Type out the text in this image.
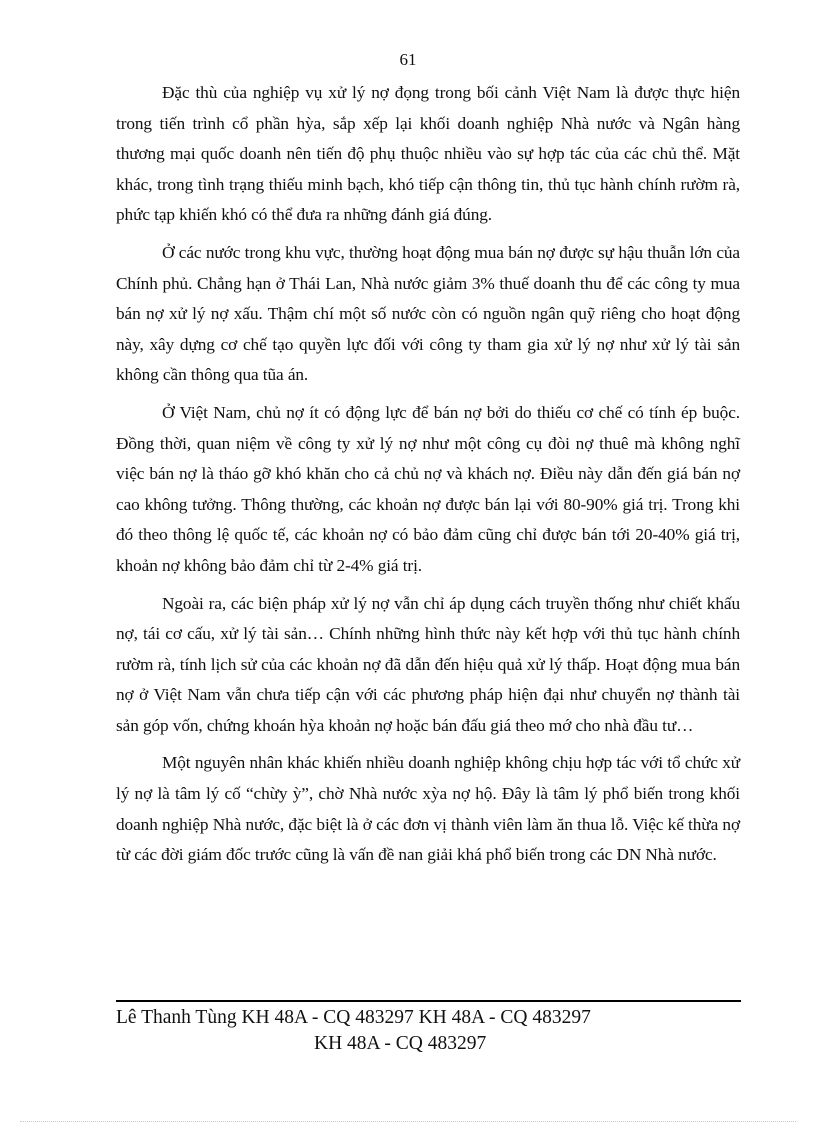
61

Đặc thù của nghiệp vụ xử lý nợ đọng trong bối cảnh Việt Nam là được thực hiện trong tiến trình cổ phần hỳa, sắp xếp lại khối doanh nghiệp Nhà nước và Ngân hàng thương mại quốc doanh nên tiến độ phụ thuộc nhiều vào sự hợp tác của các chủ thể. Mặt khác, trong tình trạng thiếu minh bạch, khó tiếp cận thông tin, thủ tục hành chính rườm rà, phức tạp khiến khó có thể đưa ra những đánh giá đúng.

Ở các nước trong khu vực, thường hoạt động mua bán nợ được sự hậu thuẫn lớn của Chính phủ. Chẳng hạn ở Thái Lan, Nhà nước giảm 3% thuế doanh thu để các công ty mua bán nợ xử lý nợ xấu. Thậm chí một số nước còn có nguồn ngân quỹ riêng cho hoạt động này, xây dựng cơ chế tạo quyền lực đối với công ty tham gia xử lý nợ như xử lý tài sản không cần thông qua tũa án.

Ở Việt Nam, chủ nợ ít có động lực để bán nợ bởi do thiếu cơ chế có tính ép buộc. Đồng thời, quan niệm về công ty xử lý nợ như một công cụ đòi nợ thuê mà không nghĩ việc bán nợ là tháo gỡ khó khăn cho cả chủ nợ và khách nợ. Điều này dẫn đến giá bán nợ cao không tưởng. Thông thường, các khoản nợ được bán lại với 80-90% giá trị. Trong khi đó theo thông lệ quốc tế, các khoản nợ có bảo đảm cũng chỉ được bán tới 20-40% giá trị, khoản nợ không bảo đảm chỉ từ 2-4% giá trị.

Ngoài ra, các biện pháp xử lý nợ vẫn chỉ áp dụng cách truyền thống như chiết khấu nợ, tái cơ cấu, xử lý tài sản… Chính những hình thức này kết hợp với thủ tục hành chính rườm rà, tính lịch sử của các khoản nợ đã dẫn đến hiệu quả xử lý thấp. Hoạt động mua bán nợ ở Việt Nam vẫn chưa tiếp cận với các phương pháp hiện đại như chuyển nợ thành tài sản góp vốn, chứng khoán hỳa khoản nợ hoặc bán đấu giá theo mớ cho nhà đầu tư…

Một nguyên nhân khác khiến nhiều doanh nghiệp không chịu hợp tác với tổ chức xử lý nợ là tâm lý cố “chừy ỳ”, chờ Nhà nước xỳa nợ hộ. Đây là tâm lý phổ biến trong khối doanh nghiệp Nhà nước, đặc biệt là ở các đơn vị thành viên làm ăn thua lỗ. Việc kế thừa nợ từ các đời giám đốc trước cũng là vấn đề nan giải khá phổ biến trong các DN Nhà nước.

Lê Thanh Tùng KH 48A - CQ 483297 KH 48A - CQ 483297
KH 48A - CQ 483297
